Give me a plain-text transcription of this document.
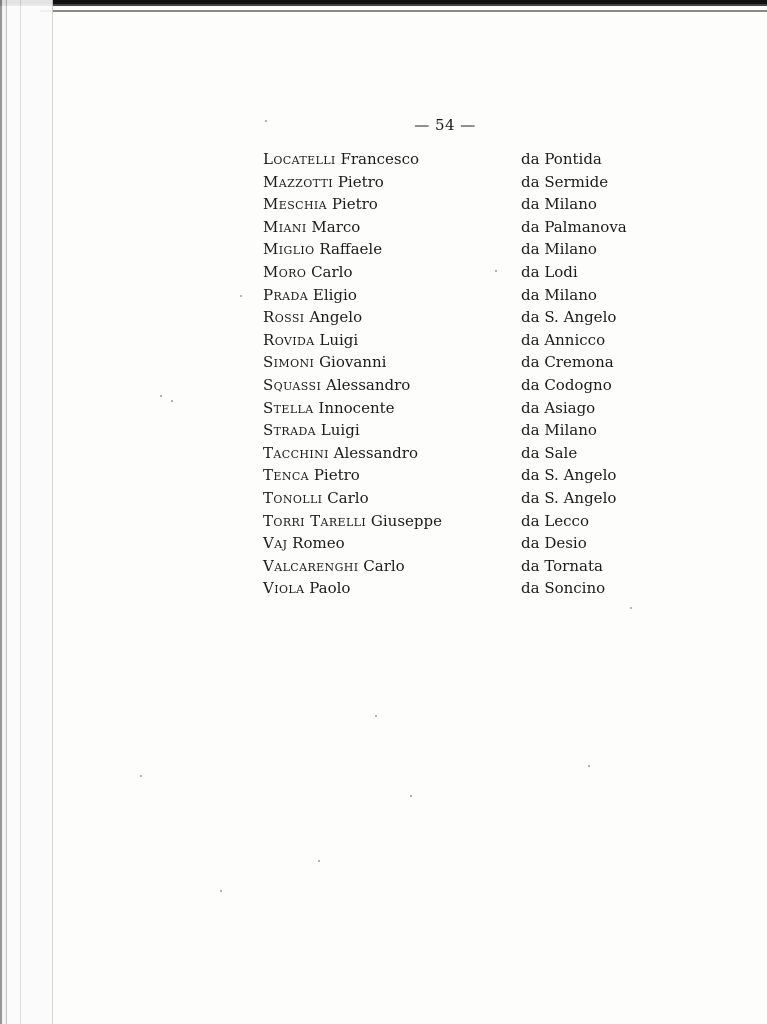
— 54 —
Locatelli Francesco	da Pontida
Mazzotti Pietro	da Sermide
Meschia Pietro	da Milano
Miani Marco	da Palmanova
Miglio Raffaele	da Milano
Moro Carlo	da Lodi
Prada Eligio	da Milano
Rossi Angelo	da S. Angelo
Rovida Luigi	da Annicco
Simoni Giovanni	da Cremona
Squassi Alessandro	da Codogno
Stella Innocente	da Asiago
Strada Luigi	da Milano
Tacchini Alessandro	da Sale
Tenca Pietro	da S. Angelo
Tonolli Carlo	da S. Angelo
Torri Tarelli Giuseppe	da Lecco
Vaj Romeo	da Desio
Valcarenghi Carlo	da Tornata
Viola Paolo	da Soncino
